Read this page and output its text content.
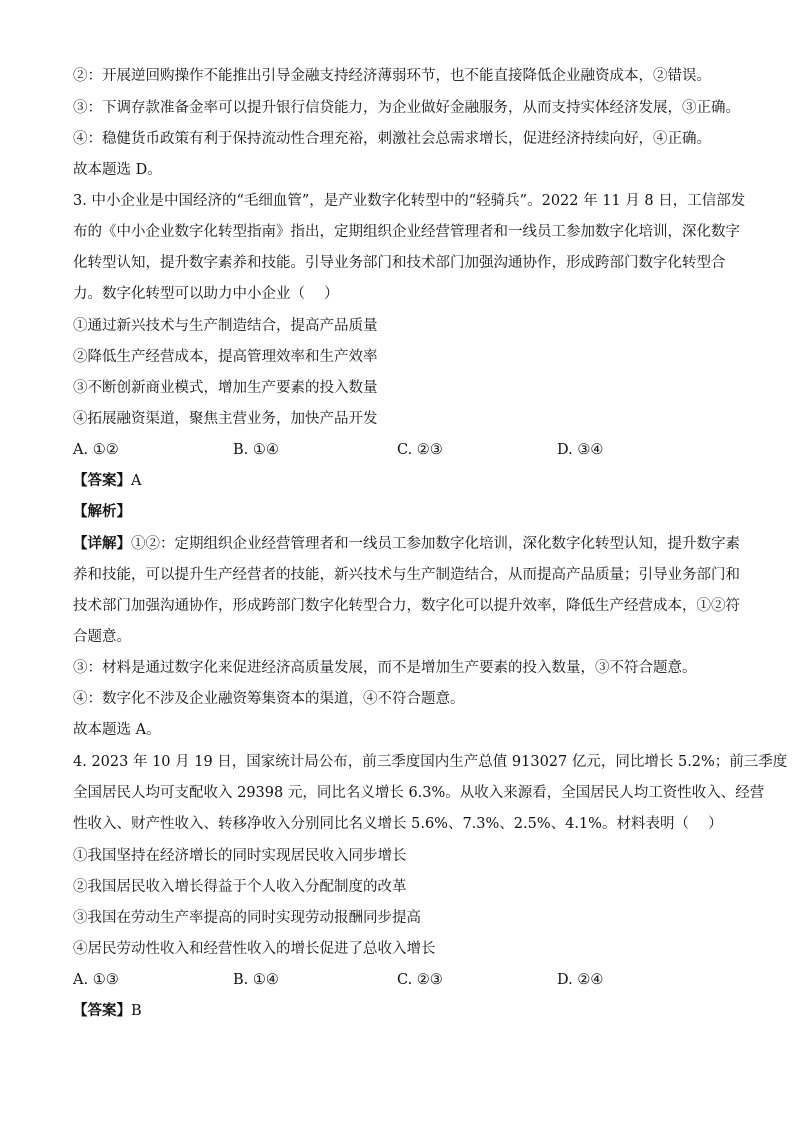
②：开展逆回购操作不能推出引导金融支持经济薄弱环节，也不能直接降低企业融资成本，②错误。
③：下调存款准备金率可以提升银行信贷能力，为企业做好金融服务，从而支持实体经济发展，③正确。
④：稳健货币政策有利于保持流动性合理充裕，刺激社会总需求增长，促进经济持续向好，④正确。
故本题选 D。
3. 中小企业是中国经济的“毛细血管”，是产业数字化转型中的“轻骑兵”。2022 年 11 月 8 日，工信部发
布的《中小企业数字化转型指南》指出，定期组织企业经营管理者和一线员工参加数字化培训，深化数字
化转型认知，提升数字素养和技能。引导业务部门和技术部门加强沟通协作，形成跨部门数字化转型合
力。数字化转型可以助力中小企业（　 ）
①通过新兴技术与生产制造结合，提高产品质量
②降低生产经营成本，提高管理效率和生产效率
③不断创新商业模式，增加生产要素的投入数量
④拓展融资渠道，聚焦主营业务，加快产品开发
A. ①②	B. ①④	C. ②③	D. ③④
【答案】A
【解析】
【详解】①②：定期组织企业经营管理者和一线员工参加数字化培训，深化数字化转型认知，提升数字素
养和技能，可以提升生产经营者的技能，新兴技术与生产制造结合，从而提高产品质量；引导业务部门和
技术部门加强沟通协作，形成跨部门数字化转型合力，数字化可以提升效率，降低生产经营成本，①②符
合题意。
③：材料是通过数字化来促进经济高质量发展，而不是增加生产要素的投入数量，③不符合题意。
④：数字化不涉及企业融资筹集资本的渠道，④不符合题意。
故本题选 A。
4. 2023 年 10 月 19 日，国家统计局公布，前三季度国内生产总值 913027 亿元，同比增长 5.2%；前三季度
全国居民人均可支配收入 29398 元，同比名义增长 6.3%。从收入来源看，全国居民人均工资性收入、经营
性收入、财产性收入、转移净收入分别同比名义增长 5.6%、7.3%、2.5%、4.1%。材料表明（　 ）
①我国坚持在经济增长的同时实现居民收入同步增长
②我国居民收入增长得益于个人收入分配制度的改革
③我国在劳动生产率提高的同时实现劳动报酬同步提高
④居民劳动性收入和经营性收入的增长促进了总收入增长
A. ①③	B. ①④	C. ②③	D. ②④
【答案】B
